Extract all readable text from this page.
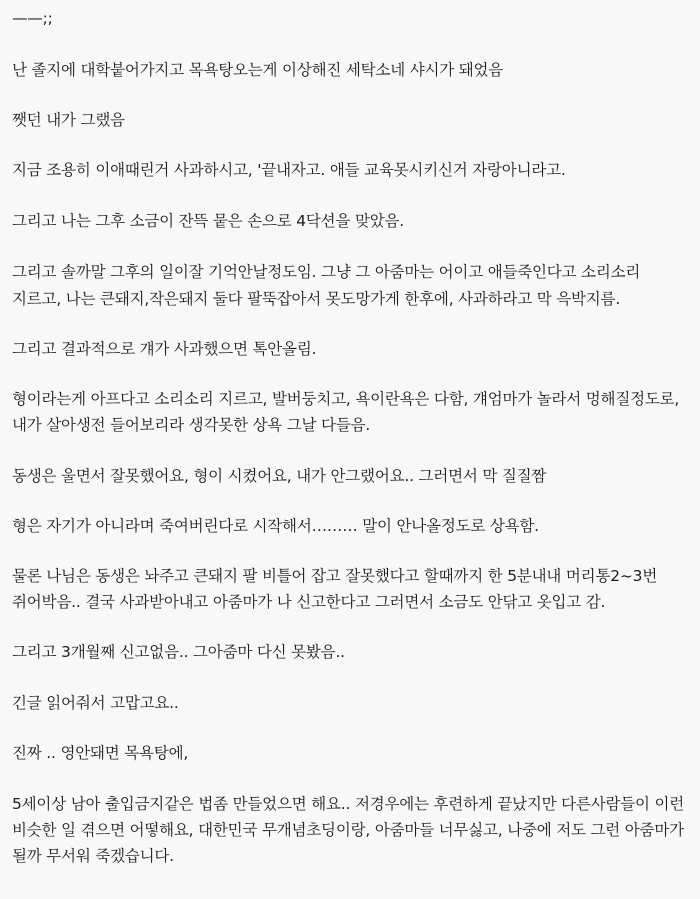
——;;
난 졸지에 대학붙어가지고 목욕탕오는게 이상해진 세탁소네 샤시가 돼었음
쨋던 내가 그랬음
지금 조용히 이애때린거 사과하시고, '끝내자고. 애들 교육못시키신거 자랑아니라고.
그리고 나는 그후 소금이 잔뜩 뭍은 손으로 4닥션을 맞았음.
그리고 솔까말 그후의 일이잘 기억안날정도임. 그냥 그 아줌마는 어이고 애들죽인다고 소리소리
지르고, 나는 큰돼지,작은돼지 둘다 팔뚝잡아서 못도망가게 한후에, 사과하라고 막 윽박지름.
그리고 결과적으로 걔가 사과했으면 톡안올림.
형이라는게 아프다고 소리소리 지르고, 발버둥치고, 욕이란욕은 다함, 걔엄마가 놀라서 멍해질정도로,
내가 살아생전 들어보리라 생각못한 상욕 그날 다들음.
동생은 울면서 잘못했어요, 형이 시켰어요, 내가 안그랬어요.. 그러면서 막 질질짬
형은 자기가 아니라며 죽여버린다로 시작해서……… 말이 안나올정도로 상욕함.
물론 나님은 동생은 놔주고 큰돼지 팔 비틀어 잡고 잘못했다고 할때까지 한 5분내내 머리통2~3번
쥐어박음.. 결국 사과받아내고 아줌마가 나 신고한다고 그러면서 소금도 안닦고 옷입고 감.
그리고 3개월째 신고없음.. 그아줌마 다신 못봤음..
긴글 읽어줘서 고맙고요..
진짜 .. 영안돼면 목욕탕에,
5세이상 남아 출입금지같은 법좀 만들었으면 해요.. 저경우에는 후련하게 끝났지만 다른사람들이 이런
비슷한 일 겪으면 어떻해요, 대한민국 무개념초딩이랑, 아줌마들 너무싫고, 나중에 저도 그런 아줌마가
될까 무서워 죽겠습니다.
